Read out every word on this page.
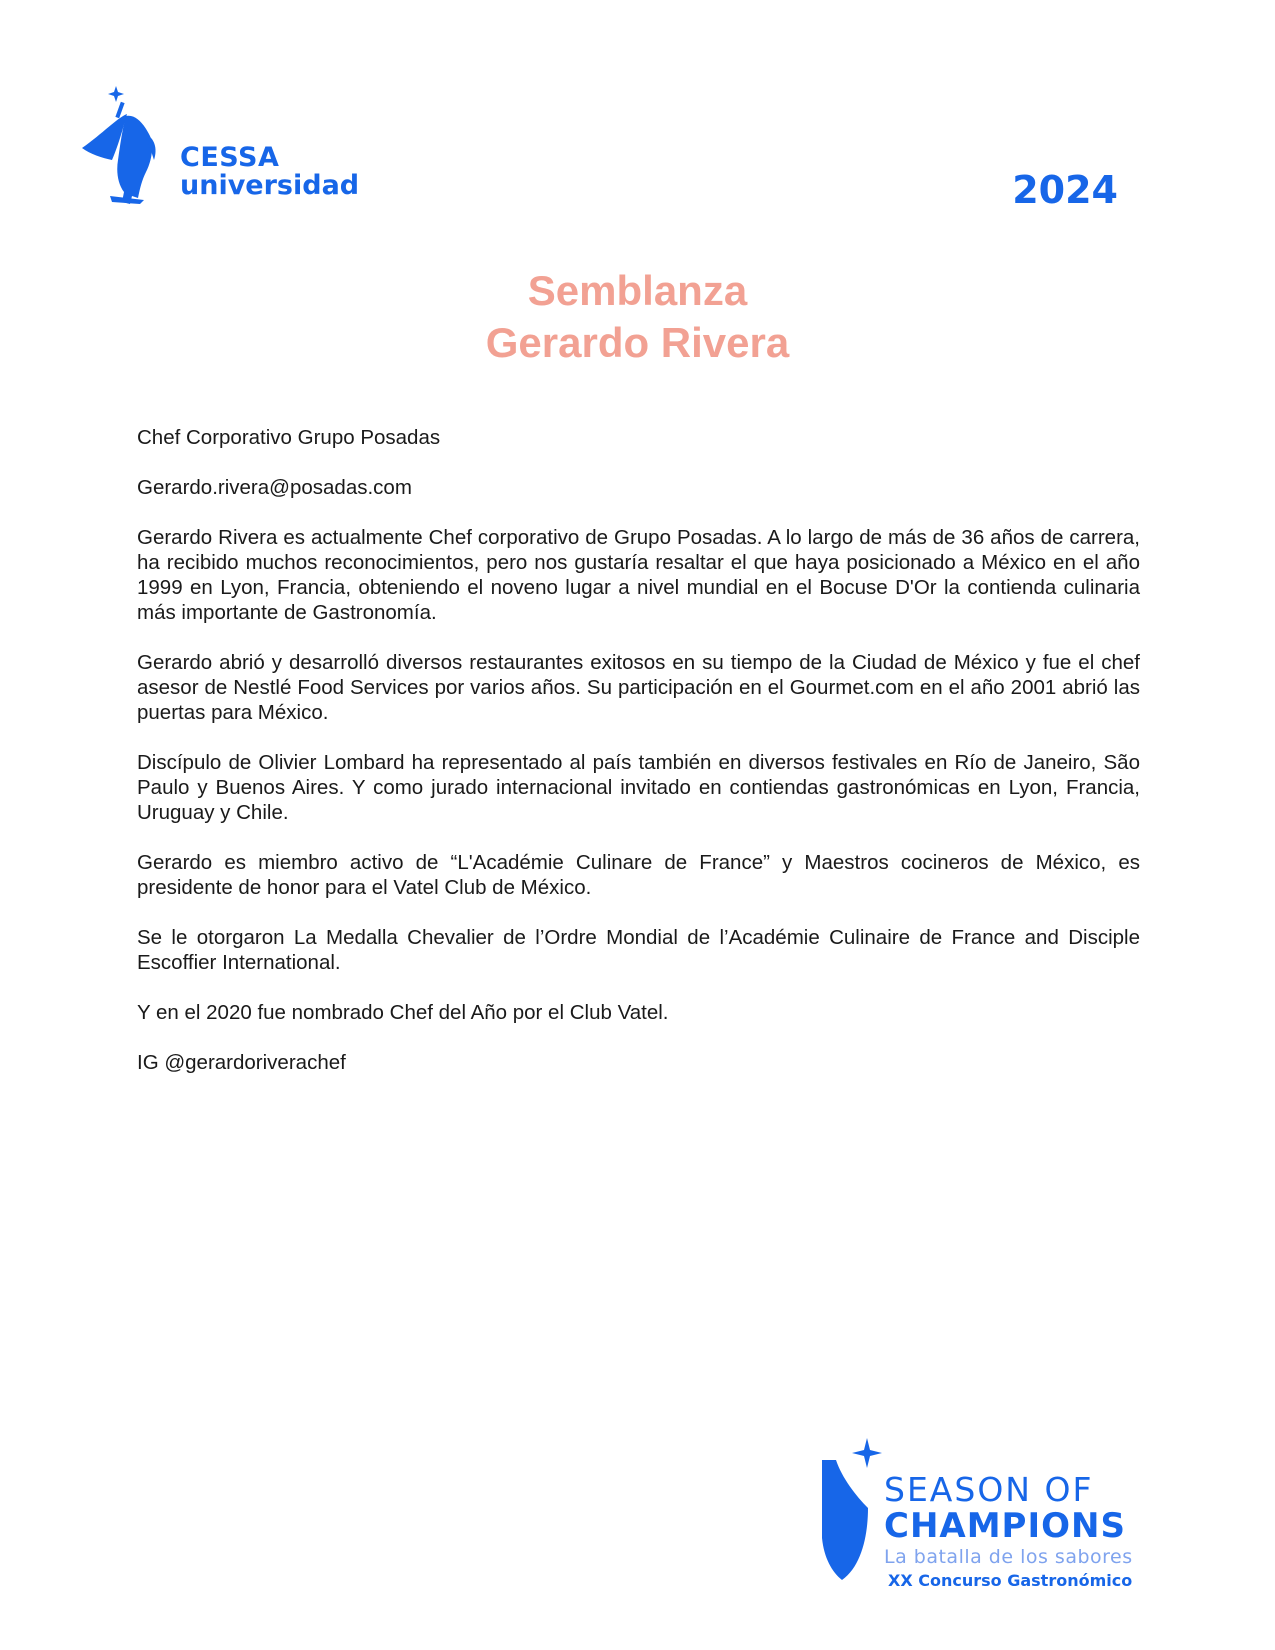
CESSA
universidad	2024
Semblanza
Gerardo Rivera

Chef Corporativo Grupo Posadas

Gerardo.rivera@posadas.com

Gerardo Rivera es actualmente Chef corporativo de Grupo Posadas. A lo largo de más de 36 años de carrera, ha recibido muchos reconocimientos, pero nos gustaría resaltar el que haya posicionado a México en el año 1999 en Lyon, Francia, obteniendo el noveno lugar a nivel mundial en el Bocuse D'Or la contienda culinaria más importante de Gastronomía.

Gerardo abrió y desarrolló diversos restaurantes exitosos en su tiempo de la Ciudad de México y fue el chef asesor de Nestlé Food Services por varios años. Su participación en el Gourmet.com en el año 2001 abrió las puertas para México.

Discípulo de Olivier Lombard ha representado al país también en diversos festivales en Río de Janeiro, São Paulo y Buenos Aires. Y como jurado internacional invitado en contiendas gastronómicas en Lyon, Francia, Uruguay y Chile.

Gerardo es miembro activo de “L'Académie Culinare de France” y Maestros cocineros de México, es presidente de honor para el Vatel Club de México.

Se le otorgaron La Medalla Chevalier de l’Ordre Mondial de l’Académie Culinaire de France and Disciple Escoffier International.

Y en el 2020 fue nombrado Chef del Año por el Club Vatel.

IG @gerardoriverachef

SEASON OF
CHAMPIONS
La batalla de los sabores
XX Concurso Gastronómico
